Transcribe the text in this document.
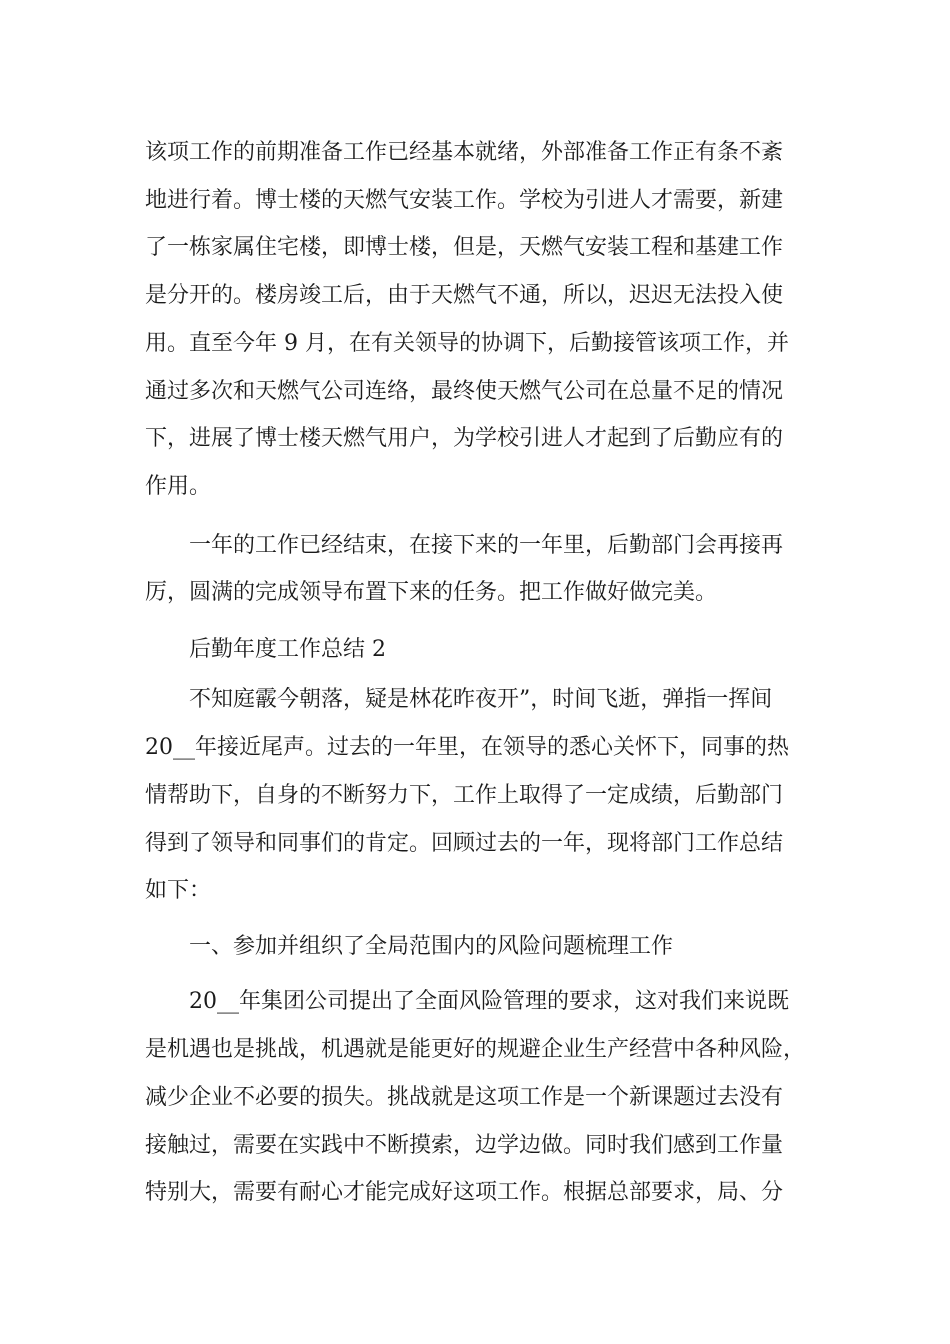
该项工作的前期准备工作已经基本就绪，外部准备工作正有条不紊
地进行着。博士楼的天燃气安装工作。学校为引进人才需要，新建
了一栋家属住宅楼，即博士楼，但是，天燃气安装工程和基建工作
是分开的。楼房竣工后，由于天燃气不通，所以，迟迟无法投入使
用。直至今年 9 月，在有关领导的协调下，后勤接管该项工作，并
通过多次和天燃气公司连络，最终使天燃气公司在总量不足的情况
下，进展了博士楼天燃气用户，为学校引进人才起到了后勤应有的
作用。
一年的工作已经结束，在接下来的一年里，后勤部门会再接再
厉，圆满的完成领导布置下来的任务。把工作做好做完美。
后勤年度工作总结 2
不知庭霰今朝落，疑是林花昨夜开”，时间飞逝，弹指一挥间
20__年接近尾声。过去的一年里，在领导的悉心关怀下，同事的热
情帮助下，自身的不断努力下，工作上取得了一定成绩，后勤部门
得到了领导和同事们的肯定。回顾过去的一年，现将部门工作总结
如下：
一、参加并组织了全局范围内的风险问题梳理工作
20__年集团公司提出了全面风险管理的要求，这对我们来说既
是机遇也是挑战，机遇就是能更好的规避企业生产经营中各种风险，
减少企业不必要的损失。挑战就是这项工作是一个新课题过去没有
接触过，需要在实践中不断摸索，边学边做。同时我们感到工作量
特别大，需要有耐心才能完成好这项工作。根据总部要求，局、分
